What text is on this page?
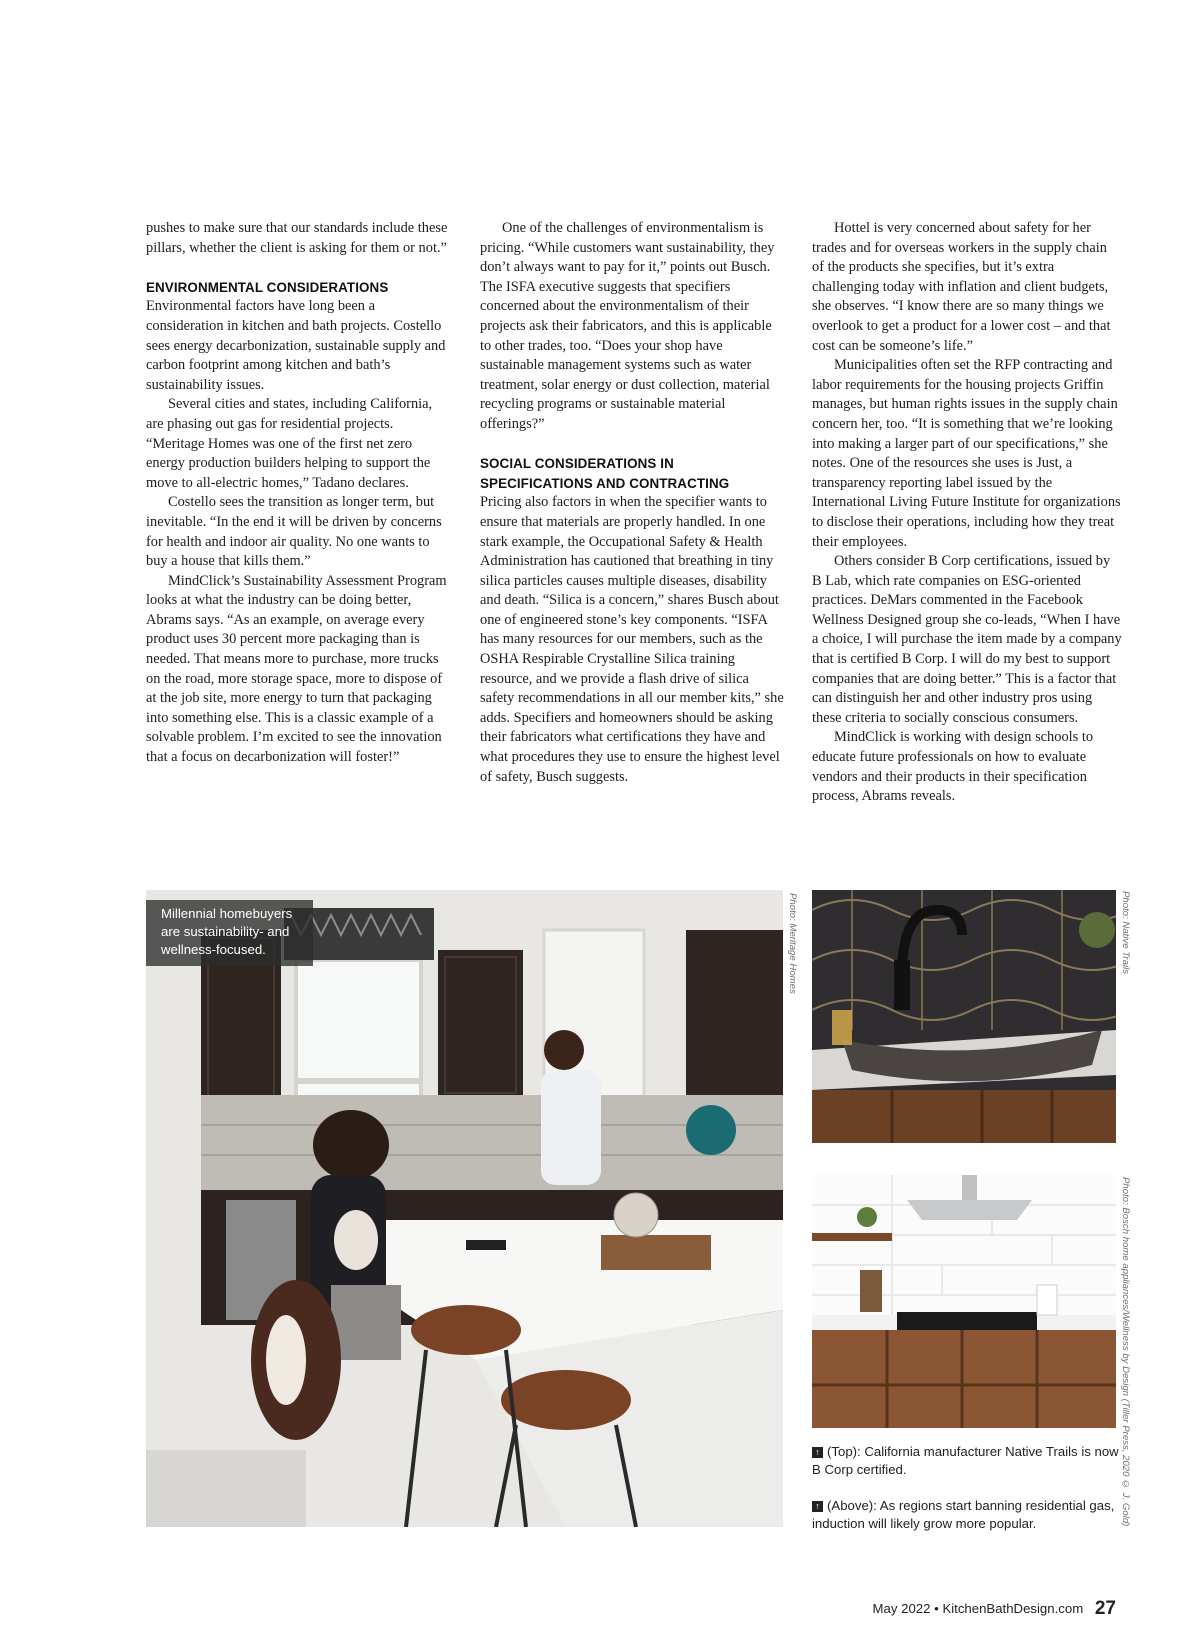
pushes to make sure that our standards include these pillars, whether the client is asking for them or not.”

ENVIRONMENTAL CONSIDERATIONS

Environmental factors have long been a consideration in kitchen and bath projects. Costello sees energy decarbonization, sustainable supply and carbon footprint among kitchen and bath’s sustainability issues.

Several cities and states, including California, are phasing out gas for residential projects. “Meritage Homes was one of the first net zero energy production builders helping to support the move to all-electric homes,” Tadano declares.

Costello sees the transition as longer term, but inevitable. “In the end it will be driven by concerns for health and indoor air quality. No one wants to buy a house that kills them.”

MindClick’s Sustainability Assessment Program looks at what the industry can be doing better, Abrams says. “As an example, on average every product uses 30 percent more packaging than is needed. That means more to purchase, more trucks on the road, more storage space, more to dispose of at the job site, more energy to turn that packaging into something else. This is a classic example of a solvable problem. I’m excited to see the innovation that a focus on decarbonization will foster!”

One of the challenges of environmentalism is pricing. “While customers want sustainability, they don’t always want to pay for it,” points out Busch. The ISFA executive suggests that specifiers concerned about the environmentalism of their projects ask their fabricators, and this is applicable to other trades, too. “Does your shop have sustainable management systems such as water treatment, solar energy or dust collection, material recycling programs or sustainable material offerings?”

SOCIAL CONSIDERATIONS IN SPECIFICATIONS AND CONTRACTING

Pricing also factors in when the specifier wants to ensure that materials are properly handled. In one stark example, the Occupational Safety & Health Administration has cautioned that breathing in tiny silica particles causes multiple diseases, disability and death. “Silica is a concern,” shares Busch about one of engineered stone’s key components. “ISFA has many resources for our members, such as the OSHA Respirable Crystalline Silica training resource, and we provide a flash drive of silica safety recommendations in all our member kits,” she adds. Specifiers and homeowners should be asking their fabricators what certifications they have and what procedures they use to ensure the highest level of safety, Busch suggests.

Hottel is very concerned about safety for her trades and for overseas workers in the supply chain of the products she specifies, but it’s extra challenging today with inflation and client budgets, she observes. “I know there are so many things we overlook to get a product for a lower cost – and that cost can be someone’s life.”

Municipalities often set the RFP contracting and labor requirements for the housing projects Griffin manages, but human rights issues in the supply chain concern her, too. “It is something that we’re looking into making a larger part of our specifications,” she notes. One of the resources she uses is Just, a transparency reporting label issued by the International Living Future Institute for organizations to disclose their operations, including how they treat their employees.

Others consider B Corp certifications, issued by B Lab, which rate companies on ESG-oriented practices. DeMars commented in the Facebook Wellness Designed group she co-leads, “When I have a choice, I will purchase the item made by a company that is certified B Corp. I will do my best to support companies that are doing better.” This is a factor that can distinguish her and other industry pros using these criteria to socially conscious consumers.

MindClick is working with design schools to educate future professionals on how to evaluate vendors and their products in their specification process, Abrams reveals.

Millennial homebuyers are sustainability- and wellness-focused.	Photo: Meritage Homes	Photo: Native Trails
Photo: Bosch home appliances/Wellness by Design (Tiller Press, 2020 © J. Gold)
↑ (Top): California manufacturer Native Trails is now B Corp certified.
↑ (Above): As regions start banning residential gas, induction will likely grow more popular.
May 2022 • KitchenBathDesign.com 27
